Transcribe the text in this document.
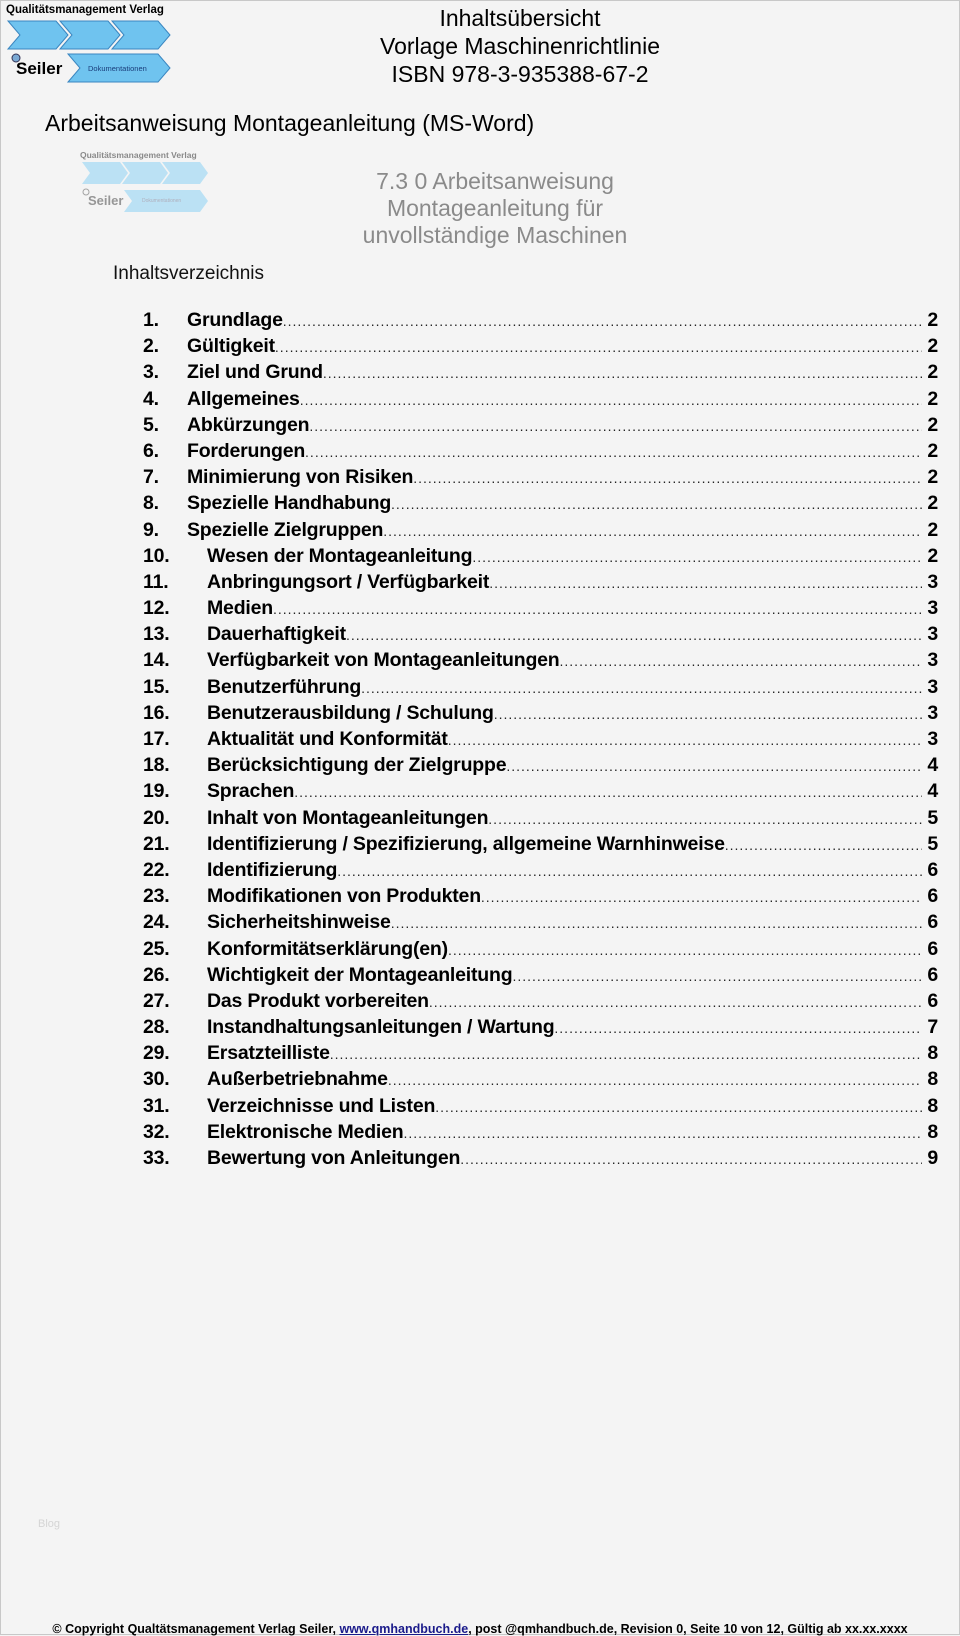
Qualitätsmanagement Verlag
Seiler	Dokumentationen
Inhaltsübersicht
Vorlage Maschinenrichtlinie
ISBN 978-3-935388-67-2
Arbeitsanweisung Montageanleitung (MS-Word)
Qualitätsmanagement Verlag
Seiler	Dokumentationen
7.3 0 Arbeitsanweisung
Montageanleitung für
unvollständige Maschinen
Inhaltsverzeichnis
1.	Grundlage .....	2
2.	Gültigkeit .....	2
3.	Ziel und Grund .....	2
4.	Allgemeines .....	2
5.	Abkürzungen .....	2
6.	Forderungen .....	2
7.	Minimierung von Risiken .....	2
8.	Spezielle Handhabung .....	2
9.	Spezielle Zielgruppen .....	2
10.	Wesen der Montageanleitung .....	2
11.	Anbringungsort / Verfügbarkeit .....	3
12.	Medien .....	3
13.	Dauerhaftigkeit .....	3
14.	Verfügbarkeit von Montageanleitungen .....	3
15.	Benutzerführung .....	3
16.	Benutzerausbildung / Schulung .....	3
17.	Aktualität und Konformität .....	3
18.	Berücksichtigung der Zielgruppe .....	4
19.	Sprachen .....	4
20.	Inhalt von Montageanleitungen .....	5
21.	Identifizierung / Spezifizierung, allgemeine Warnhinweise .....	5
22.	Identifizierung .....	6
23.	Modifikationen von Produkten .....	6
24.	Sicherheitshinweise .....	6
25.	Konformitätserklärung(en) .....	6
26.	Wichtigkeit der Montageanleitung .....	6
27.	Das Produkt vorbereiten .....	6
28.	Instandhaltungsanleitungen / Wartung .....	7
29.	Ersatzteilliste .....	8
30.	Außerbetriebnahme .....	8
31.	Verzeichnisse und Listen .....	8
32.	Elektronische Medien .....	8
33.	Bewertung von Anleitungen .....	9
Blog
© Copyright Qualtätsmanagement Verlag Seiler, www.qmhandbuch.de, post @qmhandbuch.de, Revision 0, Seite 10 von 12, Gültig ab xx.xx.xxxx
